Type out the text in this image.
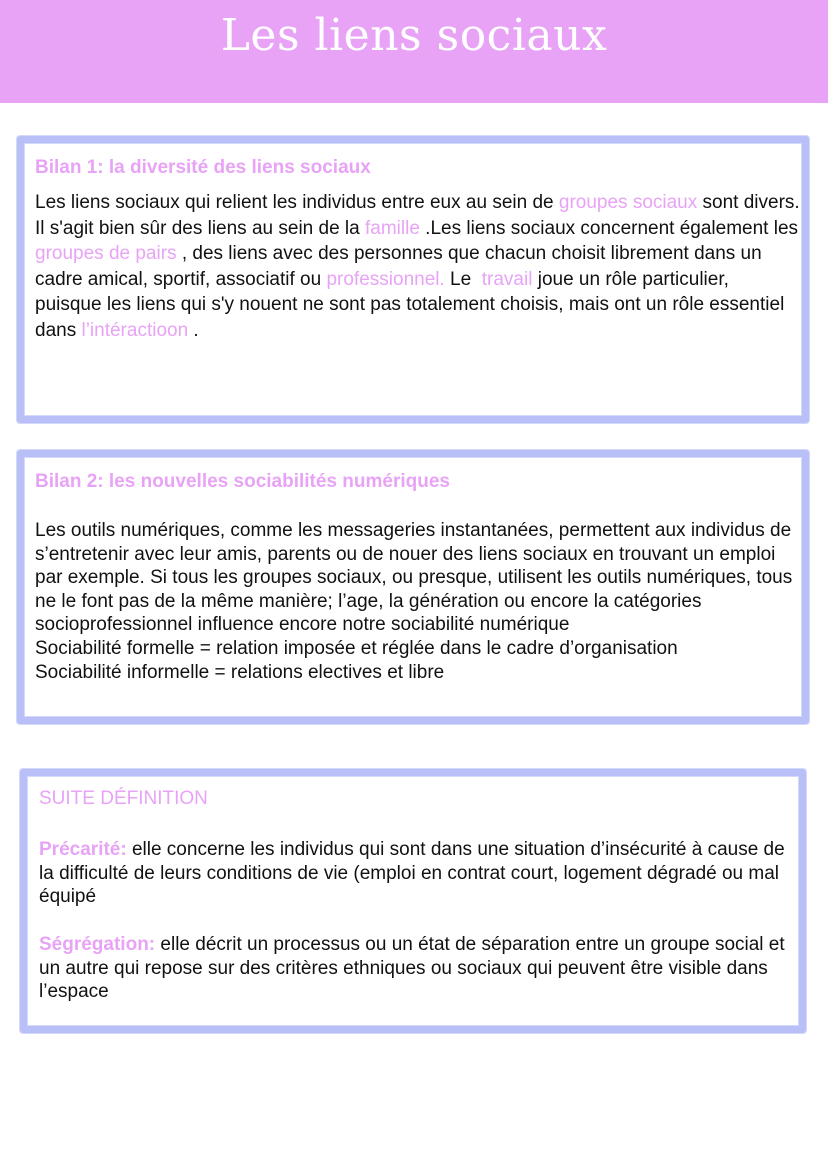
Les liens sociaux
Bilan 1: la diversité des liens sociaux
Les liens sociaux qui relient les individus entre eux au sein de groupes sociaux sont divers. Il s'agit bien sûr des liens au sein de la famille .Les liens sociaux concernent également les groupes de pairs , des liens avec des personnes que chacun choisit librement dans un cadre amical, sportif, associatif ou professionnel. Le  travail joue un rôle particulier, puisque les liens qui s'y nouent ne sont pas totalement choisis, mais ont un rôle essentiel dans l’intéractioon .
Bilan 2: les nouvelles sociabilités numériques
Les outils numériques, comme les messageries instantanées, permettent aux individus de s’entretenir avec leur amis, parents ou de nouer des liens sociaux en trouvant un emploi par exemple. Si tous les groupes sociaux, ou presque, utilisent les outils numériques, tous ne le font pas de la même manière; l’age, la génération ou encore la catégories socioprofessionnel influence encore notre sociabilité numérique
Sociabilité formelle = relation imposée et réglée dans le cadre d’organisation
Sociabilité informelle = relations electives et libre
SUITE DÉFINITION
Précarité: elle concerne les individus qui sont dans une situation d’insécurité à cause de la difficulté de leurs conditions de vie (emploi en contrat court, logement dégradé ou mal équipé
Ségrégation: elle décrit un processus ou un état de séparation entre un groupe social et un autre qui repose sur des critères ethniques ou sociaux qui peuvent être visible dans l’espace
